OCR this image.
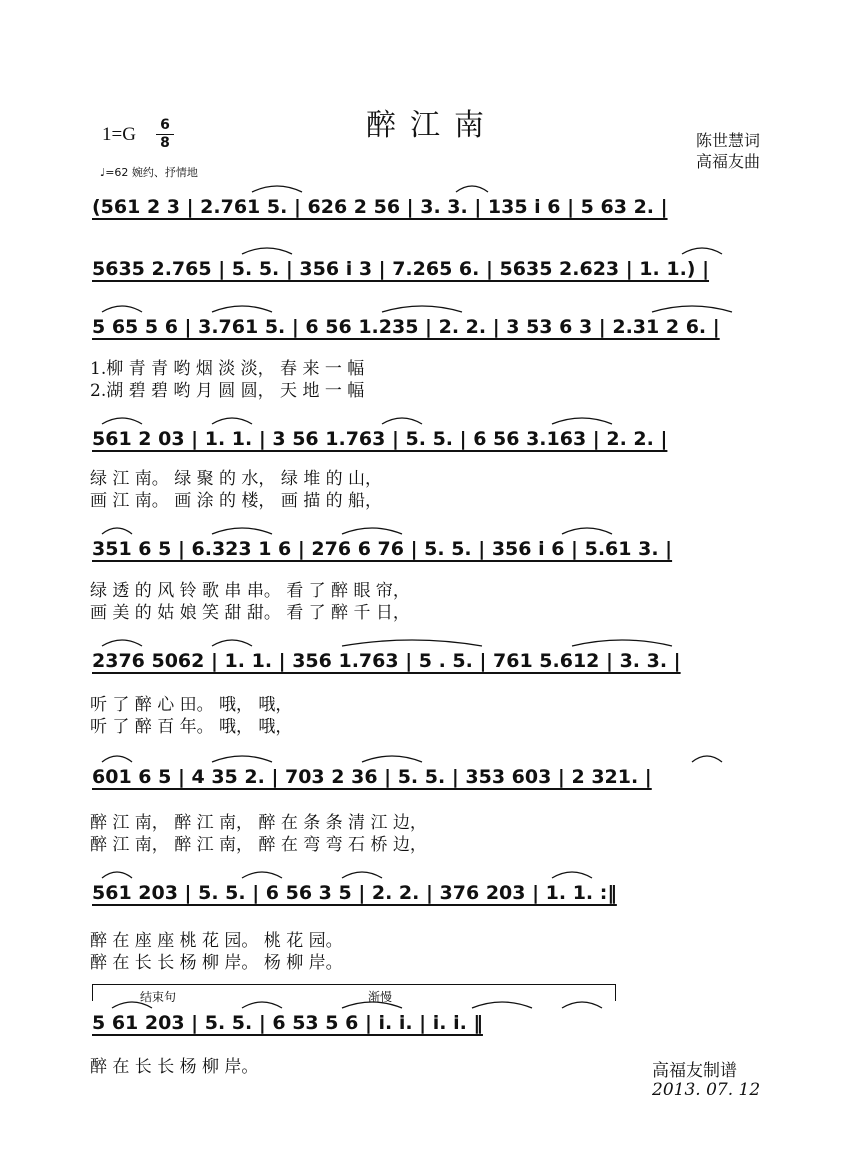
醉江南
1=G 6
8
♩=62 婉约、抒情地
陈世慧词
高福友曲
(561 2 3 | 2.761 5. | 626 2 56 | 3. 3. | 135 i 6 | 5 63 2. |
5635 2.765 | 5. 5. | 356 i 3 | 7.265 6. | 5635 2.623 | 1. 1.) |
5 65 5 6 | 3.761 5. | 6 56 1.235 | 2. 2. | 3 53 6 3 | 2.31 2 6. |
1.柳 青 青 哟 烟 淡 淡， 春 来 一 幅
2.湖 碧 碧 哟 月 圆 圆， 天 地 一 幅
561 2 03 | 1. 1. | 3 56 1.763 | 5. 5. | 6 56 3.163 | 2. 2. |
绿 江 南。 绿 聚 的 水， 绿 堆 的 山，
画 江 南。 画 涂 的 楼， 画 描 的 船，
351 6 5 | 6.323 1 6 | 276 6 76 | 5. 5. | 356 i 6 | 5.61 3. |
绿 透 的 风 铃 歌 串 串。 看 了 醉 眼 帘，
画 美 的 姑 娘 笑 甜 甜。 看 了 醉 千 日，
2376 5062 | 1. 1. | 356 1.763 | 5 . 5. | 761 5.612 | 3. 3. |
听 了 醉 心 田。 哦， 哦，
听 了 醉 百 年。 哦， 哦，
601 6 5 | 4 35 2. | 703 2 36 | 5. 5. | 353 603 | 2 321. |
醉 江 南， 醉 江 南， 醉 在 条 条 清 江 边，
醉 江 南， 醉 江 南， 醉 在 弯 弯 石 桥 边，
561 203 | 5. 5. | 6 56 3 5 | 2. 2. | 376 203 | 1. 1. :‖
醉 在 座 座 桃 花 园。 桃 花 园。
醉 在 长 长 杨 柳 岸。 杨 柳 岸。
结束句	渐慢
5 61 203 | 5. 5. | 6 53 5 6 | i. i. | i. i. ‖
醉 在 长 长 杨 柳 岸。	高福友制谱
2013. 07. 12
